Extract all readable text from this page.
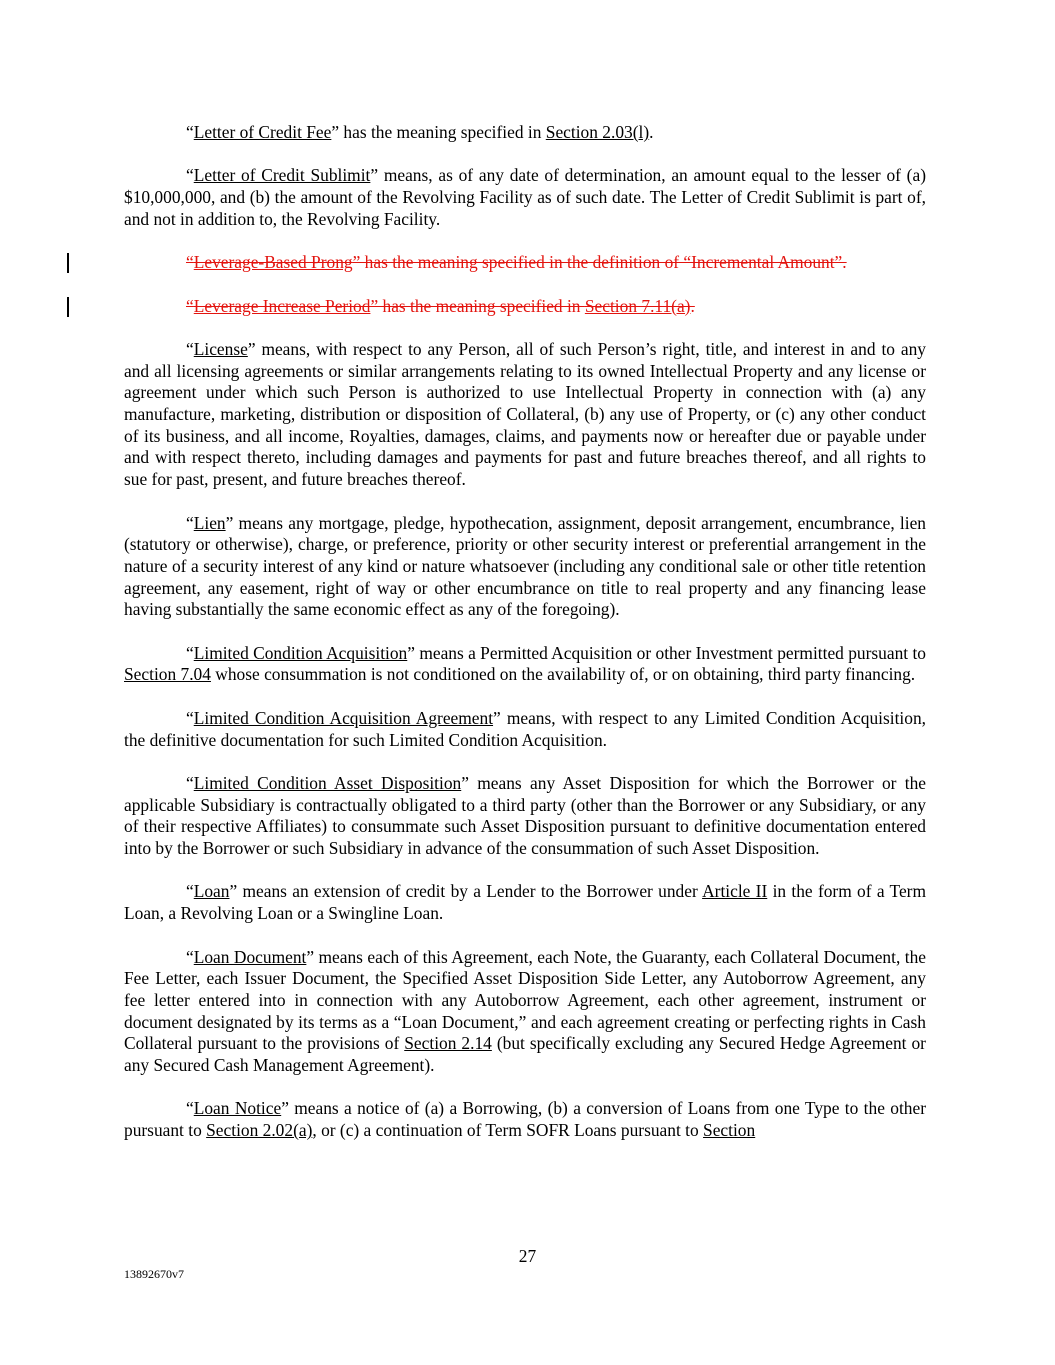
“Letter of Credit Fee” has the meaning specified in Section 2.03(l).

“Letter of Credit Sublimit” means, as of any date of determination, an amount equal to the lesser of (a) $10,000,000, and (b) the amount of the Revolving Facility as of such date. The Letter of Credit Sublimit is part of, and not in addition to, the Revolving Facility.

“Leverage-Based Prong” has the meaning specified in the definition of “Incremental Amount”.

“Leverage Increase Period” has the meaning specified in Section 7.11(a).

“License” means, with respect to any Person, all of such Person’s right, title, and interest in and to any and all licensing agreements or similar arrangements relating to its owned Intellectual Property and any license or agreement under which such Person is authorized to use Intellectual Property in connection with (a) any manufacture, marketing, distribution or disposition of Collateral, (b) any use of Property, or (c) any other conduct of its business, and all income, Royalties, damages, claims, and payments now or hereafter due or payable under and with respect thereto, including damages and payments for past and future breaches thereof, and all rights to sue for past, present, and future breaches thereof.

“Lien” means any mortgage, pledge, hypothecation, assignment, deposit arrangement, encumbrance, lien (statutory or otherwise), charge, or preference, priority or other security interest or preferential arrangement in the nature of a security interest of any kind or nature whatsoever (including any conditional sale or other title retention agreement, any easement, right of way or other encumbrance on title to real property and any financing lease having substantially the same economic effect as any of the foregoing).

“Limited Condition Acquisition” means a Permitted Acquisition or other Investment permitted pursuant to Section 7.04 whose consummation is not conditioned on the availability of, or on obtaining, third party financing.

“Limited Condition Acquisition Agreement” means, with respect to any Limited Condition Acquisition, the definitive documentation for such Limited Condition Acquisition.

“Limited Condition Asset Disposition” means any Asset Disposition for which the Borrower or the applicable Subsidiary is contractually obligated to a third party (other than the Borrower or any Subsidiary, or any of their respective Affiliates) to consummate such Asset Disposition pursuant to definitive documentation entered into by the Borrower or such Subsidiary in advance of the consummation of such Asset Disposition.

“Loan” means an extension of credit by a Lender to the Borrower under Article II in the form of a Term Loan, a Revolving Loan or a Swingline Loan.

“Loan Document” means each of this Agreement, each Note, the Guaranty, each Collateral Document, the Fee Letter, each Issuer Document, the Specified Asset Disposition Side Letter, any Autoborrow Agreement, any fee letter entered into in connection with any Autoborrow Agreement, each other agreement, instrument or document designated by its terms as a “Loan Document,” and each agreement creating or perfecting rights in Cash Collateral pursuant to the provisions of Section 2.14 (but specifically excluding any Secured Hedge Agreement or any Secured Cash Management Agreement).

“Loan Notice” means a notice of (a) a Borrowing, (b) a conversion of Loans from one Type to the other pursuant to Section 2.02(a), or (c) a continuation of Term SOFR Loans pursuant to Section

27
13892670v7
